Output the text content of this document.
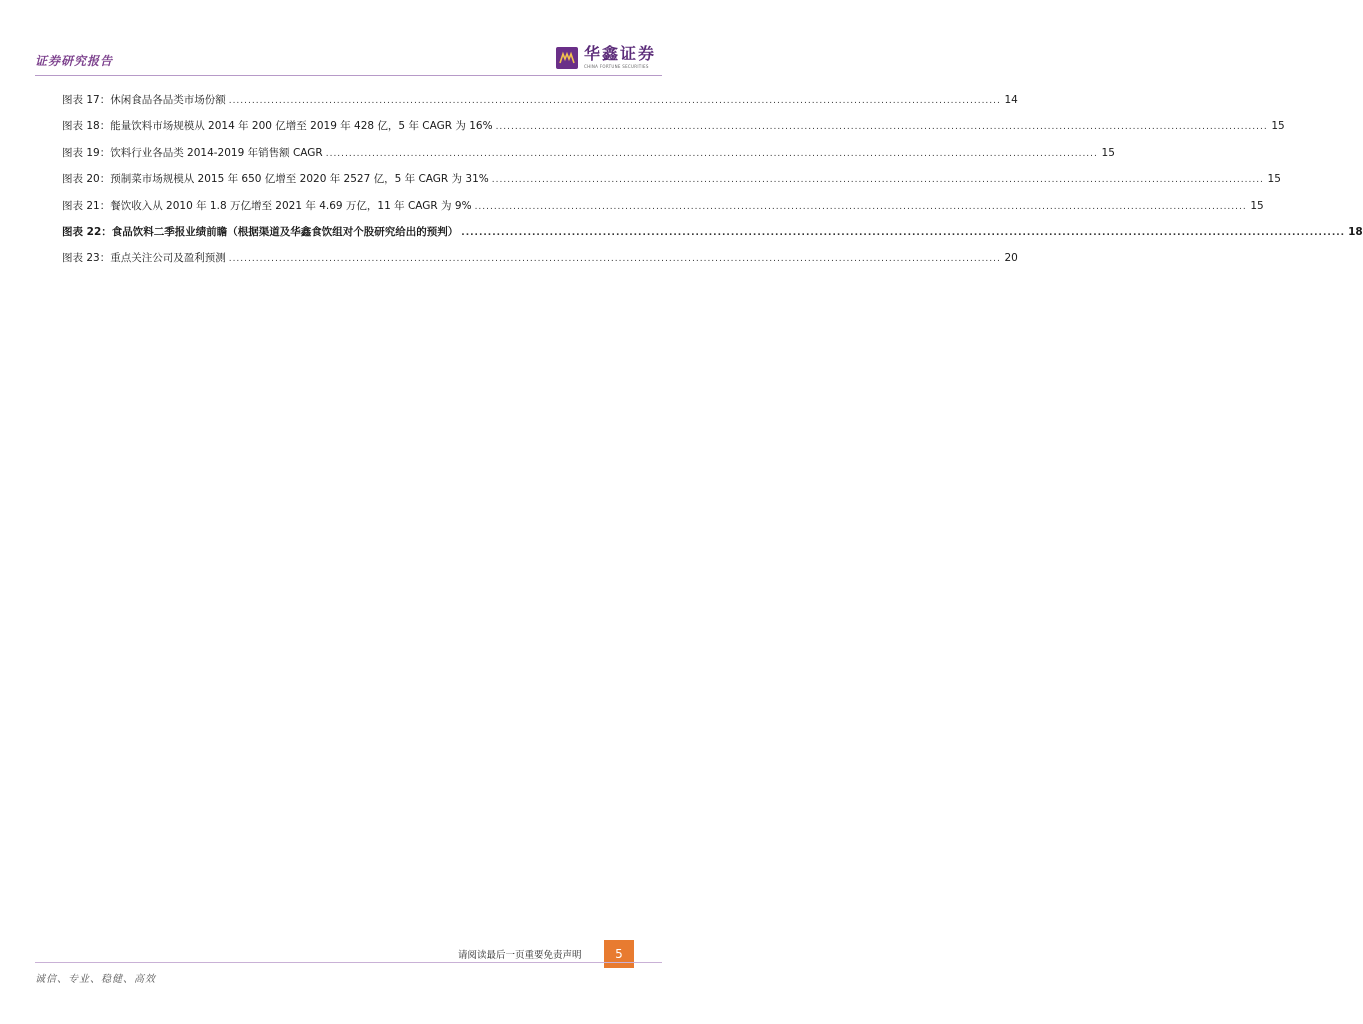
证券研究报告	华鑫证券
CHINA FORTUNE SECURITIES
图表 17：休闲食品各品类市场份额 ........................................................................................................................................................................................................ 14
图表 18：能量饮料市场规模从 2014 年 200 亿增至 2019 年 428 亿，5 年 CAGR 为 16% ........................................................................................................................................................................................................ 15
图表 19：饮料行业各品类 2014-2019 年销售额 CAGR ........................................................................................................................................................................................................ 15
图表 20：预制菜市场规模从 2015 年 650 亿增至 2020 年 2527 亿，5 年 CAGR 为 31% ........................................................................................................................................................................................................ 15
图表 21：餐饮收入从 2010 年 1.8 万亿增至 2021 年 4.69 万亿，11 年 CAGR 为 9% ........................................................................................................................................................................................................ 15
图表 22：食品饮料二季报业绩前瞻（根据渠道及华鑫食饮组对个股研究给出的预判） ........................................................................................................................................................................................................ 18
图表 23：重点关注公司及盈利预测 ........................................................................................................................................................................................................ 20
请阅读最后一页重要免责声明	5
诚信、专业、稳健、高效
